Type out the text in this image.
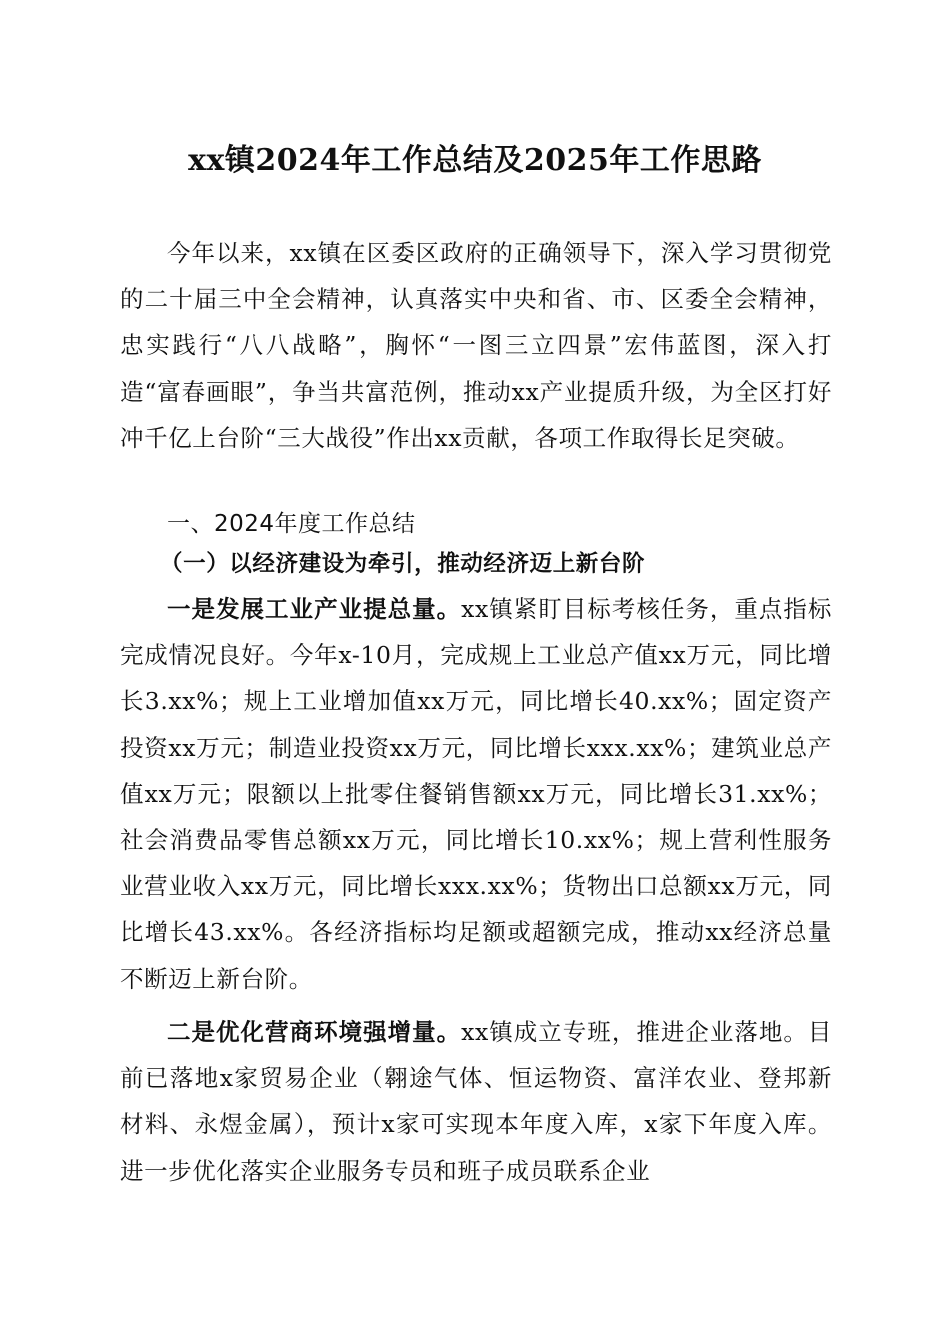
xx镇2024年工作总结及2025年工作思路
今年以来，xx镇在区委区政府的正确领导下，深入学习贯彻党的二十届三中全会精神，认真落实中央和省、市、区委全会精神，忠实践行“八八战略”，胸怀“一图三立四景”宏伟蓝图，深入打造“富春画眼”，争当共富范例，推动xx产业提质升级，为全区打好冲千亿上台阶“三大战役”作出xx贡献，各项工作取得长足突破。
一、2024年度工作总结
（一）以经济建设为牵引，推动经济迈上新台阶
一是发展工业产业提总量。xx镇紧盯目标考核任务，重点指标完成情况良好。今年x-10月，完成规上工业总产值xx万元，同比增长3.xx%；规上工业增加值xx万元，同比增长40.xx%；固定资产投资xx万元；制造业投资xx万元，同比增长xxx.xx%；建筑业总产值xx万元；限额以上批零住餐销售额xx万元，同比增长31.xx%；社会消费品零售总额xx万元，同比增长10.xx%；规上营利性服务业营业收入xx万元，同比增长xxx.xx%；货物出口总额xx万元，同比增长43.xx%。各经济指标均足额或超额完成，推动xx经济总量不断迈上新台阶。
二是优化营商环境强增量。xx镇成立专班，推进企业落地。目前已落地x家贸易企业（翱途气体、恒运物资、富洋农业、登邦新材料、永煜金属），预计x家可实现本年度入库，x家下年度入库。进一步优化落实企业服务专员和班子成员联系企业
